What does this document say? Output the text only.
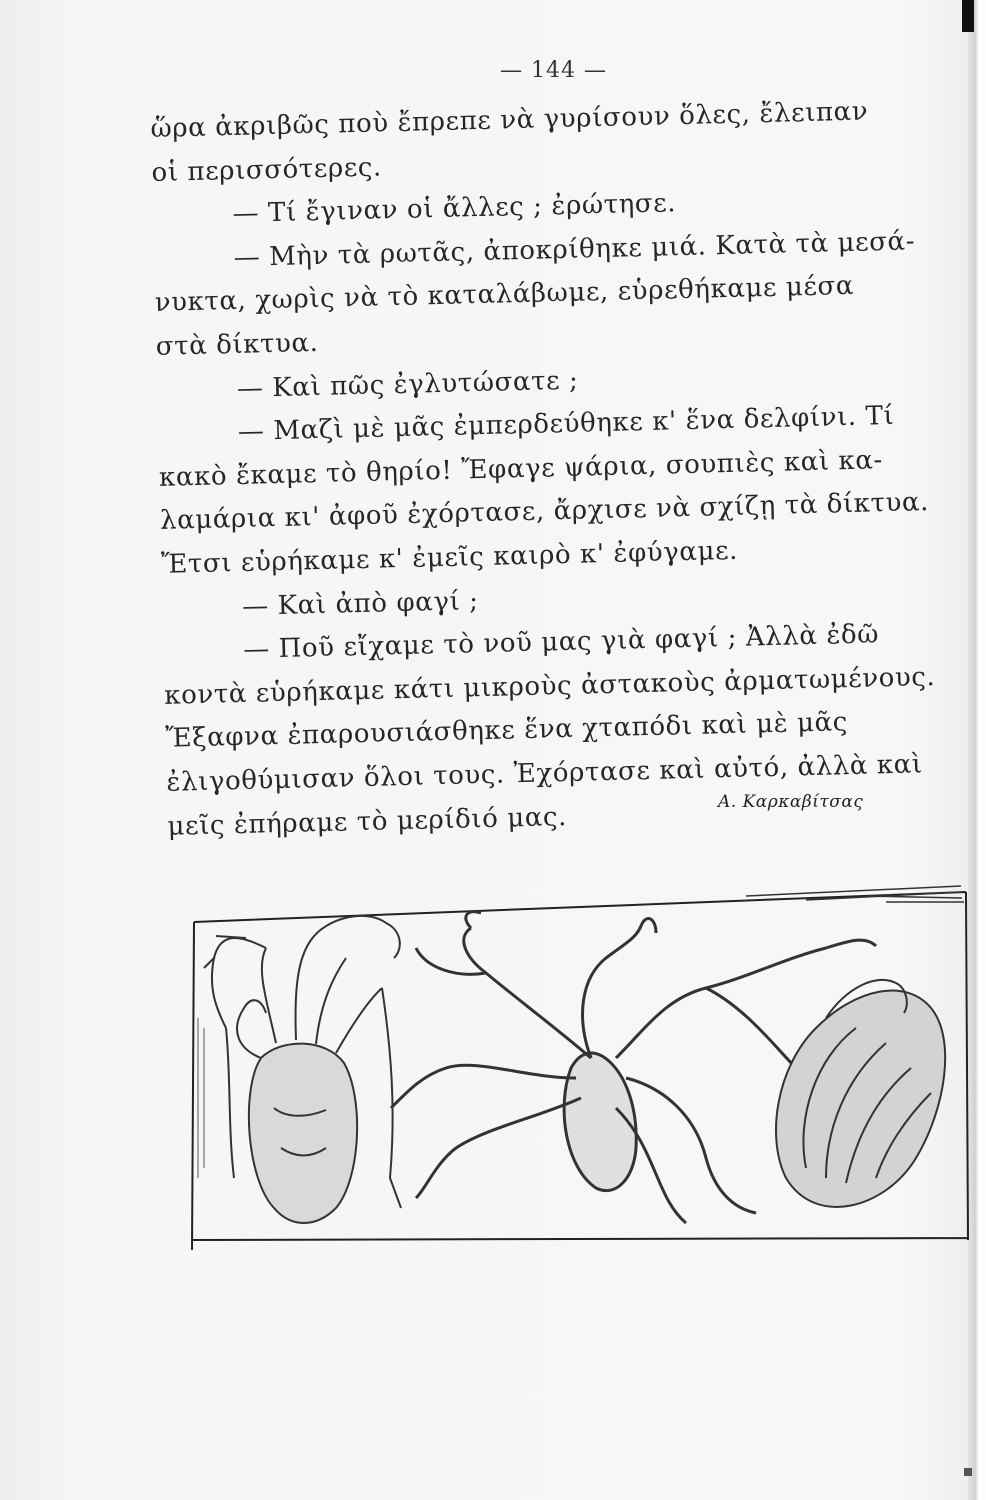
— 144 —
ὥρα ἀκριβῶς ποὺ ἔπρεπε νὰ γυρίσουν ὅλες, ἔλειπαν
οἱ περισσότερες.
— Τί ἔγιναν οἱ ἄλλες ; ἐρώτησε.
— Μὴν τὰ ρωτᾶς, ἀποκρίθηκε μιά. Κατὰ τὰ μεσά-
νυκτα, χωρὶς νὰ τὸ καταλάβωμε, εὑρεθήκαμε μέσα
στὰ δίκτυα.
— Καὶ πῶς ἐγλυτώσατε ;
— Μαζὶ μὲ μᾶς ἐμπερδεύθηκε κ' ἕνα δελφίνι. Τί
κακὸ ἔκαμε τὸ θηρίο! Ἔφαγε ψάρια, σουπιὲς καὶ κα-
λαμάρια κι' ἀφοῦ ἐχόρτασε, ἄρχισε νὰ σχίζῃ τὰ δίκτυα.
Ἔτσι εὑρήκαμε κ' ἐμεῖς καιρὸ κ' ἐφύγαμε.
— Καὶ ἀπὸ φαγί ;
— Ποῦ εἴχαμε τὸ νοῦ μας γιὰ φαγί ; Ἀλλὰ ἐδῶ
κοντὰ εὑρήκαμε κάτι μικροὺς ἀστακοὺς ἀρματωμένους.
Ἔξαφνα ἐπαρουσιάσθηκε ἕνα χταπόδι καὶ μὲ μᾶς
ἐλιγοθύμισαν ὅλοι τους. Ἐχόρτασε καὶ αὐτό, ἀλλὰ καὶ
μεῖς ἐπήραμε τὸ μερίδιό μας.	Α. Καρκαβίτσας
